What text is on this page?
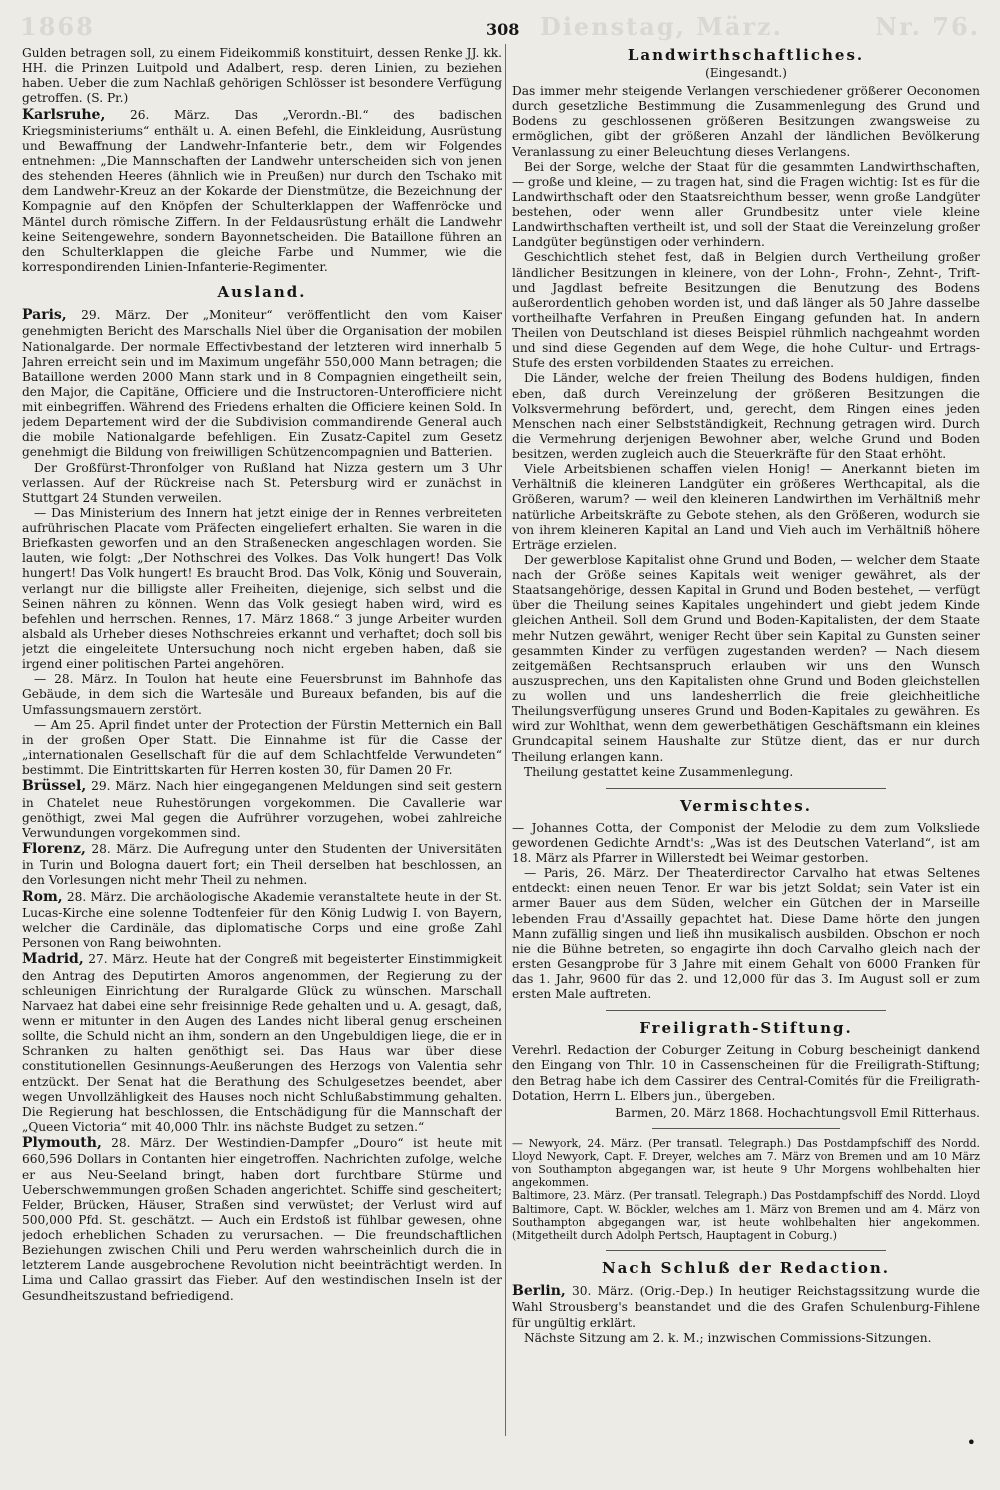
1868	Dienstag, März.	Nr. 76.
308

Gulden betragen soll, zu einem Fideikommiß konstituirt, dessen Renke JJ. kk. HH. die Prinzen Luitpold und Adalbert, resp. deren Linien, zu beziehen haben. Ueber die zum Nachlaß gehörigen Schlösser ist besondere Verfügung getroffen. (S. Pr.)

Karlsruhe, 26. März. Das „Verordn.-Bl.“ des badischen Kriegsministeriums“ enthält u. A. einen Befehl, die Einkleidung, Ausrüstung und Bewaffnung der Landwehr-Infanterie betr., dem wir Folgendes entnehmen: „Die Mannschaften der Landwehr unterscheiden sich von jenen des stehenden Heeres (ähnlich wie in Preußen) nur durch den Tschako mit dem Landwehr-Kreuz an der Kokarde der Dienstmütze, die Bezeichnung der Kompagnie auf den Knöpfen der Schulterklappen der Waffenröcke und Mäntel durch römische Ziffern. In der Feldausrüstung erhält die Landwehr keine Seitengewehre, sondern Bayonnetscheiden. Die Bataillone führen an den Schulterklappen die gleiche Farbe und Nummer, wie die korrespondirenden Linien-Infanterie-Regimenter.

Ausland.

Paris, 29. März. Der „Moniteur“ veröffentlicht den vom Kaiser genehmigten Bericht des Marschalls Niel über die Organisation der mobilen Nationalgarde. Der normale Effectivbestand der letzteren wird innerhalb 5 Jahren erreicht sein und im Maximum ungefähr 550,000 Mann betragen; die Bataillone werden 2000 Mann stark und in 8 Compagnien eingetheilt sein, den Major, die Capitäne, Officiere und die Instructoren-Unterofficiere nicht mit einbegriffen. Während des Friedens erhalten die Officiere keinen Sold. In jedem Departement wird der die Subdivision commandirende General auch die mobile Nationalgarde befehligen. Ein Zusatz-Capitel zum Gesetz genehmigt die Bildung von freiwilligen Schützencompagnien und Batterien.

Der Großfürst-Thronfolger von Rußland hat Nizza gestern um 3 Uhr verlassen. Auf der Rückreise nach St. Petersburg wird er zunächst in Stuttgart 24 Stunden verweilen.

— Das Ministerium des Innern hat jetzt einige der in Rennes verbreiteten aufrührischen Placate vom Präfecten eingeliefert erhalten. Sie waren in die Briefkasten geworfen und an den Straßenecken angeschlagen worden. Sie lauten, wie folgt: „Der Nothschrei des Volkes. Das Volk hungert! Das Volk hungert! Das Volk hungert! Es braucht Brod. Das Volk, König und Souverain, verlangt nur die billigste aller Freiheiten, diejenige, sich selbst und die Seinen nähren zu können. Wenn das Volk gesiegt haben wird, wird es befehlen und herrschen. Rennes, 17. März 1868.“ 3 junge Arbeiter wurden alsbald als Urheber dieses Nothschreies erkannt und verhaftet; doch soll bis jetzt die eingeleitete Untersuchung noch nicht ergeben haben, daß sie irgend einer politischen Partei angehören.

— 28. März. In Toulon hat heute eine Feuersbrunst im Bahnhofe das Gebäude, in dem sich die Wartesäle und Bureaux befanden, bis auf die Umfassungsmauern zerstört.

— Am 25. April findet unter der Protection der Fürstin Metternich ein Ball in der großen Oper Statt. Die Einnahme ist für die Casse der „internationalen Gesellschaft für die auf dem Schlachtfelde Verwundeten“ bestimmt. Die Eintrittskarten für Herren kosten 30, für Damen 20 Fr.

Brüssel, 29. März. Nach hier eingegangenen Meldungen sind seit gestern in Chatelet neue Ruhestörungen vorgekommen. Die Cavallerie war genöthigt, zwei Mal gegen die Aufrührer vorzugehen, wobei zahlreiche Verwundungen vorgekommen sind.

Florenz, 28. März. Die Aufregung unter den Studenten der Universitäten in Turin und Bologna dauert fort; ein Theil derselben hat beschlossen, an den Vorlesungen nicht mehr Theil zu nehmen.

Rom, 28. März. Die archäologische Akademie veranstaltete heute in der St. Lucas-Kirche eine solenne Todtenfeier für den König Ludwig I. von Bayern, welcher die Cardinäle, das diplomatische Corps und eine große Zahl Personen von Rang beiwohnten.

Madrid, 27. März. Heute hat der Congreß mit begeisterter Einstimmigkeit den Antrag des Deputirten Amoros angenommen, der Regierung zu der schleunigen Einrichtung der Ruralgarde Glück zu wünschen. Marschall Narvaez hat dabei eine sehr freisinnige Rede gehalten und u. A. gesagt, daß, wenn er mitunter in den Augen des Landes nicht liberal genug erscheinen sollte, die Schuld nicht an ihm, sondern an den Ungebuldigen liege, die er in Schranken zu halten genöthigt sei. Das Haus war über diese constitutionellen Gesinnungs-Aeußerungen des Herzogs von Valentia sehr entzückt. Der Senat hat die Berathung des Schulgesetzes beendet, aber wegen Unvollzähligkeit des Hauses noch nicht Schlußabstimmung gehalten. Die Regierung hat beschlossen, die Entschädigung für die Mannschaft der „Queen Victoria“ mit 40,000 Thlr. ins nächste Budget zu setzen.“

Plymouth, 28. März. Der Westindien-Dampfer „Douro“ ist heute mit 660,596 Dollars in Contanten hier eingetroffen. Nachrichten zufolge, welche er aus Neu-Seeland bringt, haben dort furchtbare Stürme und Ueberschwemmungen großen Schaden angerichtet. Schiffe sind gescheitert; Felder, Brücken, Häuser, Straßen sind verwüstet; der Verlust wird auf 500,000 Pfd. St. geschätzt. — Auch ein Erdstoß ist fühlbar gewesen, ohne jedoch erheblichen Schaden zu verursachen. — Die freundschaftlichen Beziehungen zwischen Chili und Peru werden wahrscheinlich durch die in letzterem Lande ausgebrochene Revolution nicht beeinträchtigt werden. In Lima und Callao grassirt das Fieber. Auf den westindischen Inseln ist der Gesundheitszustand befriedigend.

Landwirthschaftliches.
(Eingesandt.)

Das immer mehr steigende Verlangen verschiedener größerer Oeconomen durch gesetzliche Bestimmung die Zusammenlegung des Grund und Bodens zu geschlossenen größeren Besitzungen zwangsweise zu ermöglichen, gibt der größeren Anzahl der ländlichen Bevölkerung Veranlassung zu einer Beleuchtung dieses Verlangens.

Bei der Sorge, welche der Staat für die gesammten Landwirthschaften, — große und kleine, — zu tragen hat, sind die Fragen wichtig: Ist es für die Landwirthschaft oder den Staatsreichthum besser, wenn große Landgüter bestehen, oder wenn aller Grundbesitz unter viele kleine Landwirthschaften vertheilt ist, und soll der Staat die Vereinzelung großer Landgüter begünstigen oder verhindern.

Geschichtlich stehet fest, daß in Belgien durch Vertheilung großer ländlicher Besitzungen in kleinere, von der Lohn-, Frohn-, Zehnt-, Trift- und Jagdlast befreite Besitzungen die Benutzung des Bodens außerordentlich gehoben worden ist, und daß länger als 50 Jahre dasselbe vortheilhafte Verfahren in Preußen Eingang gefunden hat. In andern Theilen von Deutschland ist dieses Beispiel rühmlich nachgeahmt worden und sind diese Gegenden auf dem Wege, die hohe Cultur- und Ertrags-Stufe des ersten vorbildenden Staates zu erreichen.

Die Länder, welche der freien Theilung des Bodens huldigen, finden eben, daß durch Vereinzelung der größeren Besitzungen die Volksvermehrung befördert, und, gerecht, dem Ringen eines jeden Menschen nach einer Selbstständigkeit, Rechnung getragen wird. Durch die Vermehrung derjenigen Bewohner aber, welche Grund und Boden besitzen, werden zugleich auch die Steuerkräfte für den Staat erhöht.

Viele Arbeitsbienen schaffen vielen Honig! — Anerkannt bieten im Verhältniß die kleineren Landgüter ein größeres Werthcapital, als die Größeren, warum? — weil den kleineren Landwirthen im Verhältniß mehr natürliche Arbeitskräfte zu Gebote stehen, als den Größeren, wodurch sie von ihrem kleineren Kapital an Land und Vieh auch im Verhältniß höhere Erträge erzielen.

Der gewerblose Kapitalist ohne Grund und Boden, — welcher dem Staate nach der Größe seines Kapitals weit weniger gewähret, als der Staatsangehörige, dessen Kapital in Grund und Boden bestehet, — verfügt über die Theilung seines Kapitales ungehindert und giebt jedem Kinde gleichen Antheil. Soll dem Grund und Boden-Kapitalisten, der dem Staate mehr Nutzen gewährt, weniger Recht über sein Kapital zu Gunsten seiner gesammten Kinder zu verfügen zugestanden werden? — Nach diesem zeitgemäßen Rechtsanspruch erlauben wir uns den Wunsch auszusprechen, uns den Kapitalisten ohne Grund und Boden gleichstellen zu wollen und uns landesherrlich die freie gleichheitliche Theilungsverfügung unseres Grund und Boden-Kapitales zu gewähren. Es wird zur Wohlthat, wenn dem gewerbethätigen Geschäftsmann ein kleines Grundcapital seinem Haushalte zur Stütze dient, das er nur durch Theilung erlangen kann.

Theilung gestattet keine Zusammenlegung.

Vermischtes.

— Johannes Cotta, der Componist der Melodie zu dem zum Volksliede gewordenen Gedichte Arndt's: „Was ist des Deutschen Vaterland“, ist am 18. März als Pfarrer in Willerstedt bei Weimar gestorben.

— Paris, 26. März. Der Theaterdirector Carvalho hat etwas Seltenes entdeckt: einen neuen Tenor. Er war bis jetzt Soldat; sein Vater ist ein armer Bauer aus dem Süden, welcher ein Gütchen der in Marseille lebenden Frau d'Assailly gepachtet hat. Diese Dame hörte den jungen Mann zufällig singen und ließ ihn musikalisch ausbilden. Obschon er noch nie die Bühne betreten, so engagirte ihn doch Carvalho gleich nach der ersten Gesangprobe für 3 Jahre mit einem Gehalt von 6000 Franken für das 1. Jahr, 9600 für das 2. und 12,000 für das 3. Im August soll er zum ersten Male auftreten.

Freiligrath-Stiftung.

Verehrl. Redaction der Coburger Zeitung in Coburg bescheinigt dankend den Eingang von Thlr. 10 in Cassenscheinen für die Freiligrath-Stiftung; den Betrag habe ich dem Cassirer des Central-Comités für die Freiligrath-Dotation, Herrn L. Elbers jun., übergeben.

Barmen, 20. März 1868. Hochachtungsvoll Emil Ritterhaus.

— Newyork, 24. März. (Per transatl. Telegraph.) Das Postdampfschiff des Nordd. Lloyd Newyork, Capt. F. Dreyer, welches am 7. März von Bremen und am 10 März von Southampton abgegangen war, ist heute 9 Uhr Morgens wohlbehalten hier angekommen.

Baltimore, 23. März. (Per transatl. Telegraph.) Das Postdampfschiff des Nordd. Lloyd Baltimore, Capt. W. Böckler, welches am 1. März von Bremen und am 4. März von Southampton abgegangen war, ist heute wohlbehalten hier angekommen. (Mitgetheilt durch Adolph Pertsch, Hauptagent in Coburg.)

Nach Schluß der Redaction.

Berlin, 30. März. (Orig.-Dep.) In heutiger Reichstagssitzung wurde die Wahl Strousberg's beanstandet und die des Grafen Schulenburg-Fihlene für ungültig erklärt.

Nächste Sitzung am 2. k. M.; inzwischen Commissions-Sitzungen.

•
